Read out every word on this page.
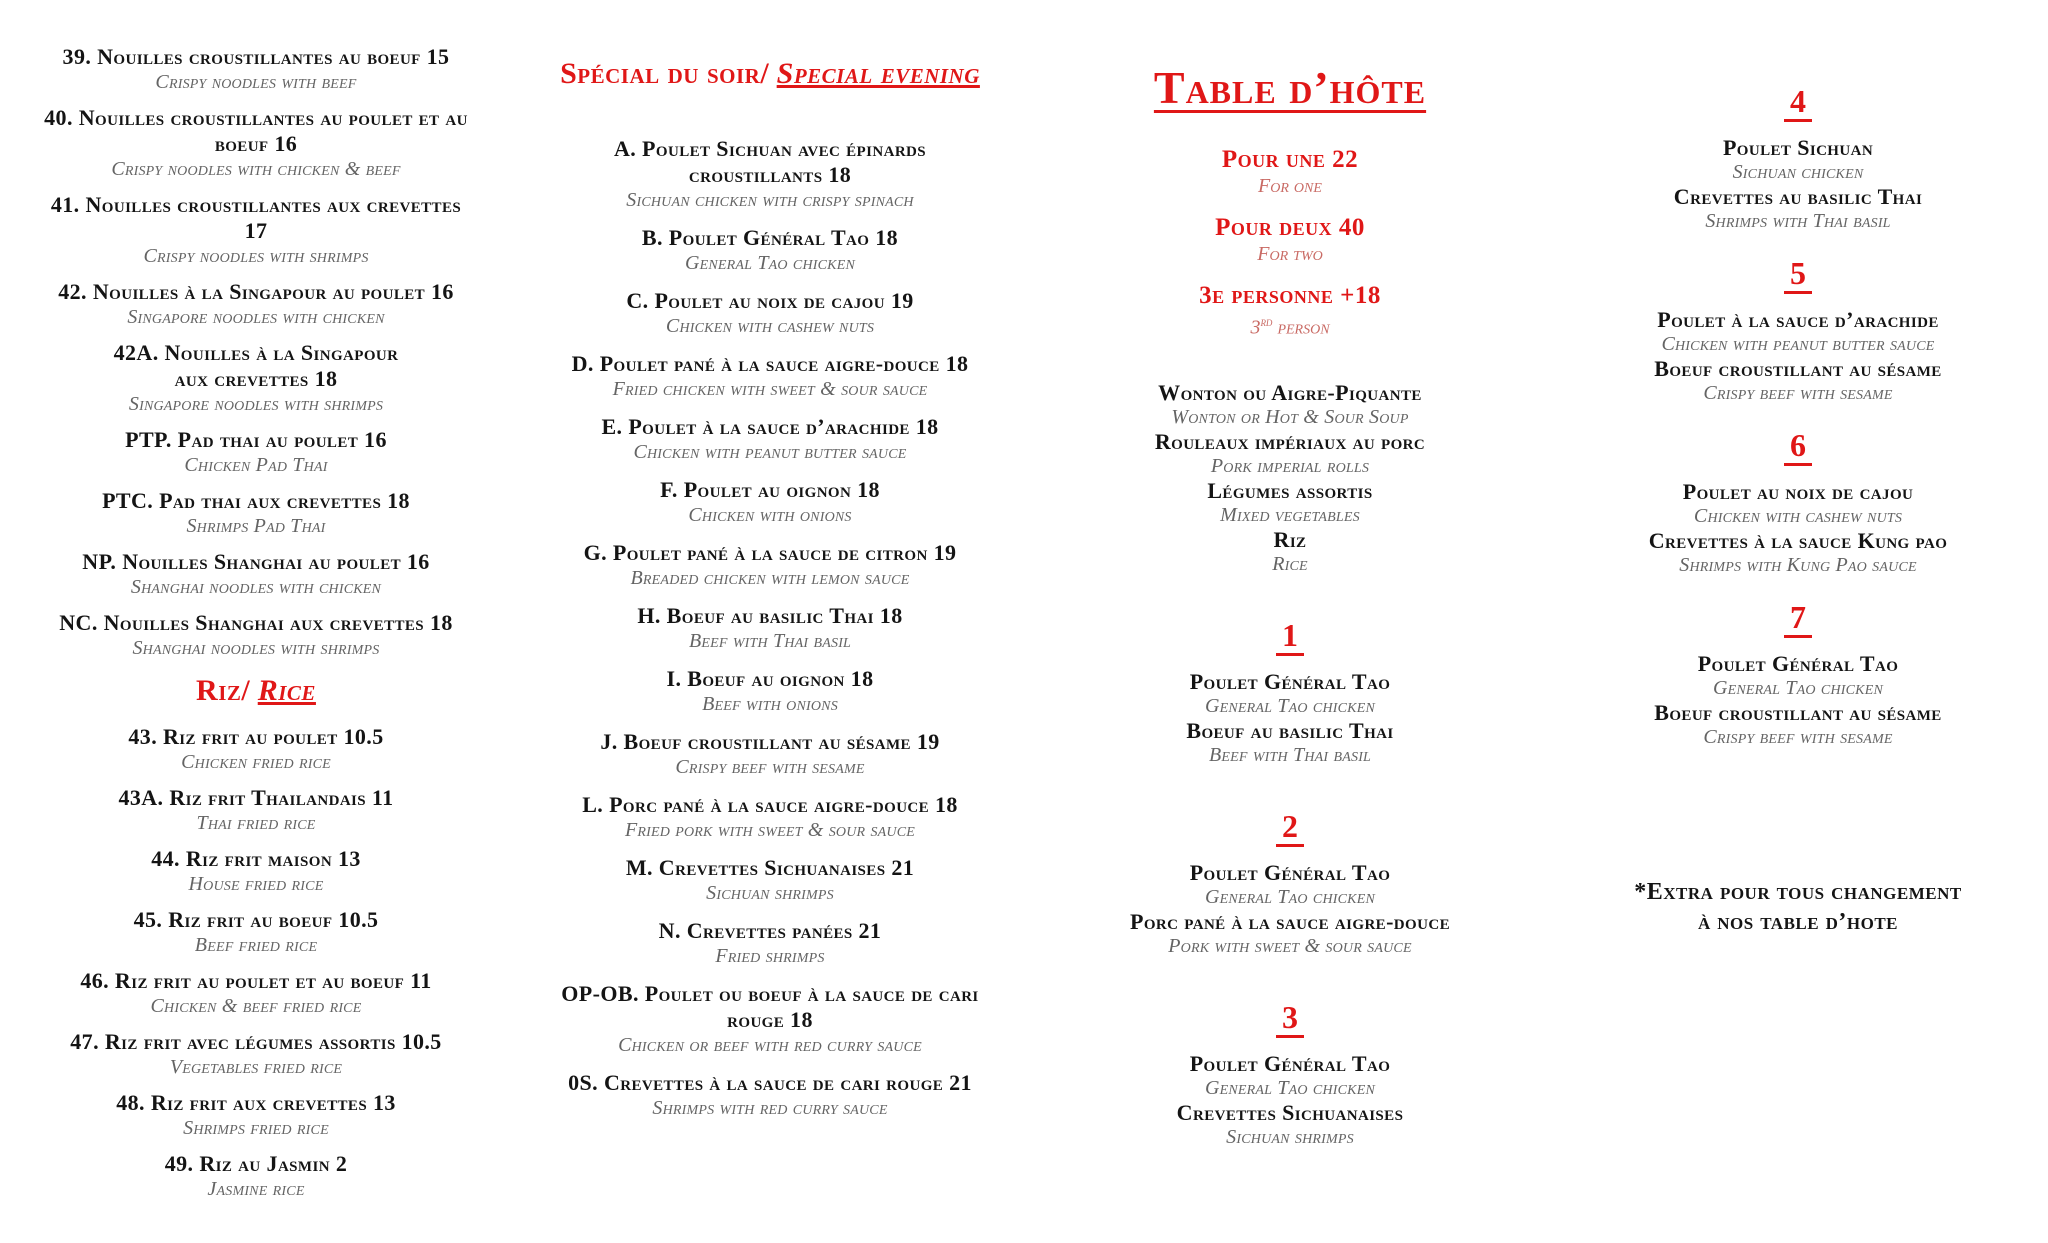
39. Nouilles croustillantes au boeuf 15
Crispy noodles with beef
40. Nouilles croustillantes au poulet et au
boeuf 16
Crispy noodles with chicken & beef
41. Nouilles croustillantes aux crevettes
17
Crispy noodles with shrimps
42. Nouilles à la Singapour au poulet 16
Singapore noodles with chicken
42A. Nouilles à la Singapour
aux crevettes 18
Singapore noodles with shrimps
PTP. Pad thai au poulet 16
Chicken Pad Thai
PTC. Pad thai aux crevettes 18
Shrimps Pad Thai
NP. Nouilles Shanghai au poulet 16
Shanghai noodles with chicken
NC. Nouilles Shanghai aux crevettes 18
Shanghai noodles with shrimps
Riz/ Rice
43. Riz frit au poulet 10.5
Chicken fried rice
43A. Riz frit Thailandais 11
Thai fried rice
44. Riz frit maison 13
House fried rice
45. Riz frit au boeuf 10.5
Beef fried rice
46. Riz frit au poulet et au boeuf 11
Chicken & beef fried rice
47. Riz frit avec légumes assortis 10.5
Vegetables fried rice
48. Riz frit aux crevettes 13
Shrimps fried rice
49. Riz au Jasmin 2
Jasmine rice
Spécial du soir/ Special evening
A. Poulet Sichuan avec épinards
croustillants 18
Sichuan chicken with crispy spinach
B. Poulet Général Tao 18
General Tao chicken
C. Poulet au noix de cajou 19
Chicken with cashew nuts
D. Poulet pané à la sauce aigre-douce 18
Fried chicken with sweet & sour sauce
E. Poulet à la sauce d’arachide 18
Chicken with peanut butter sauce
F. Poulet au oignon 18
Chicken with onions
G. Poulet pané à la sauce de citron 19
Breaded chicken with lemon sauce
H. Boeuf au basilic Thai 18
Beef with Thai basil
I. Boeuf au oignon 18
Beef with onions
J. Boeuf croustillant au sésame 19
Crispy beef with sesame
L. Porc pané à la sauce aigre-douce 18
Fried pork with sweet & sour sauce
M. Crevettes Sichuanaises 21
Sichuan shrimps
N. Crevettes panées 21
Fried shrimps
OP-OB. Poulet ou boeuf à la sauce de cari
rouge 18
Chicken or beef with red curry sauce
0S. Crevettes à la sauce de cari rouge 21
Shrimps with red curry sauce
Table d’hôte
Pour une 22
For one
Pour deux 40
For two
3e personne +18
3rd person
Wonton ou Aigre-Piquante
Wonton or Hot & Sour Soup
Rouleaux impériaux au porc
Pork imperial rolls
Légumes assortis
Mixed vegetables
Riz
Rice
1
Poulet Général Tao
General Tao chicken
Boeuf au basilic Thai
Beef with Thai basil
2
Poulet Général Tao
General Tao chicken
Porc pané à la sauce aigre-douce
Pork with sweet & sour sauce
3
Poulet Général Tao
General Tao chicken
Crevettes Sichuanaises
Sichuan shrimps
4
Poulet Sichuan
Sichuan chicken
Crevettes au basilic Thai
Shrimps with Thai basil
5
Poulet à la sauce d’arachide
Chicken with peanut butter sauce
Boeuf croustillant au sésame
Crispy beef with sesame
6
Poulet au noix de cajou
Chicken with cashew nuts
Crevettes à la sauce Kung pao
Shrimps with Kung Pao sauce
7
Poulet Général Tao
General Tao chicken
Boeuf croustillant au sésame
Crispy beef with sesame
*Extra pour tous changement
à nos table d’hote
